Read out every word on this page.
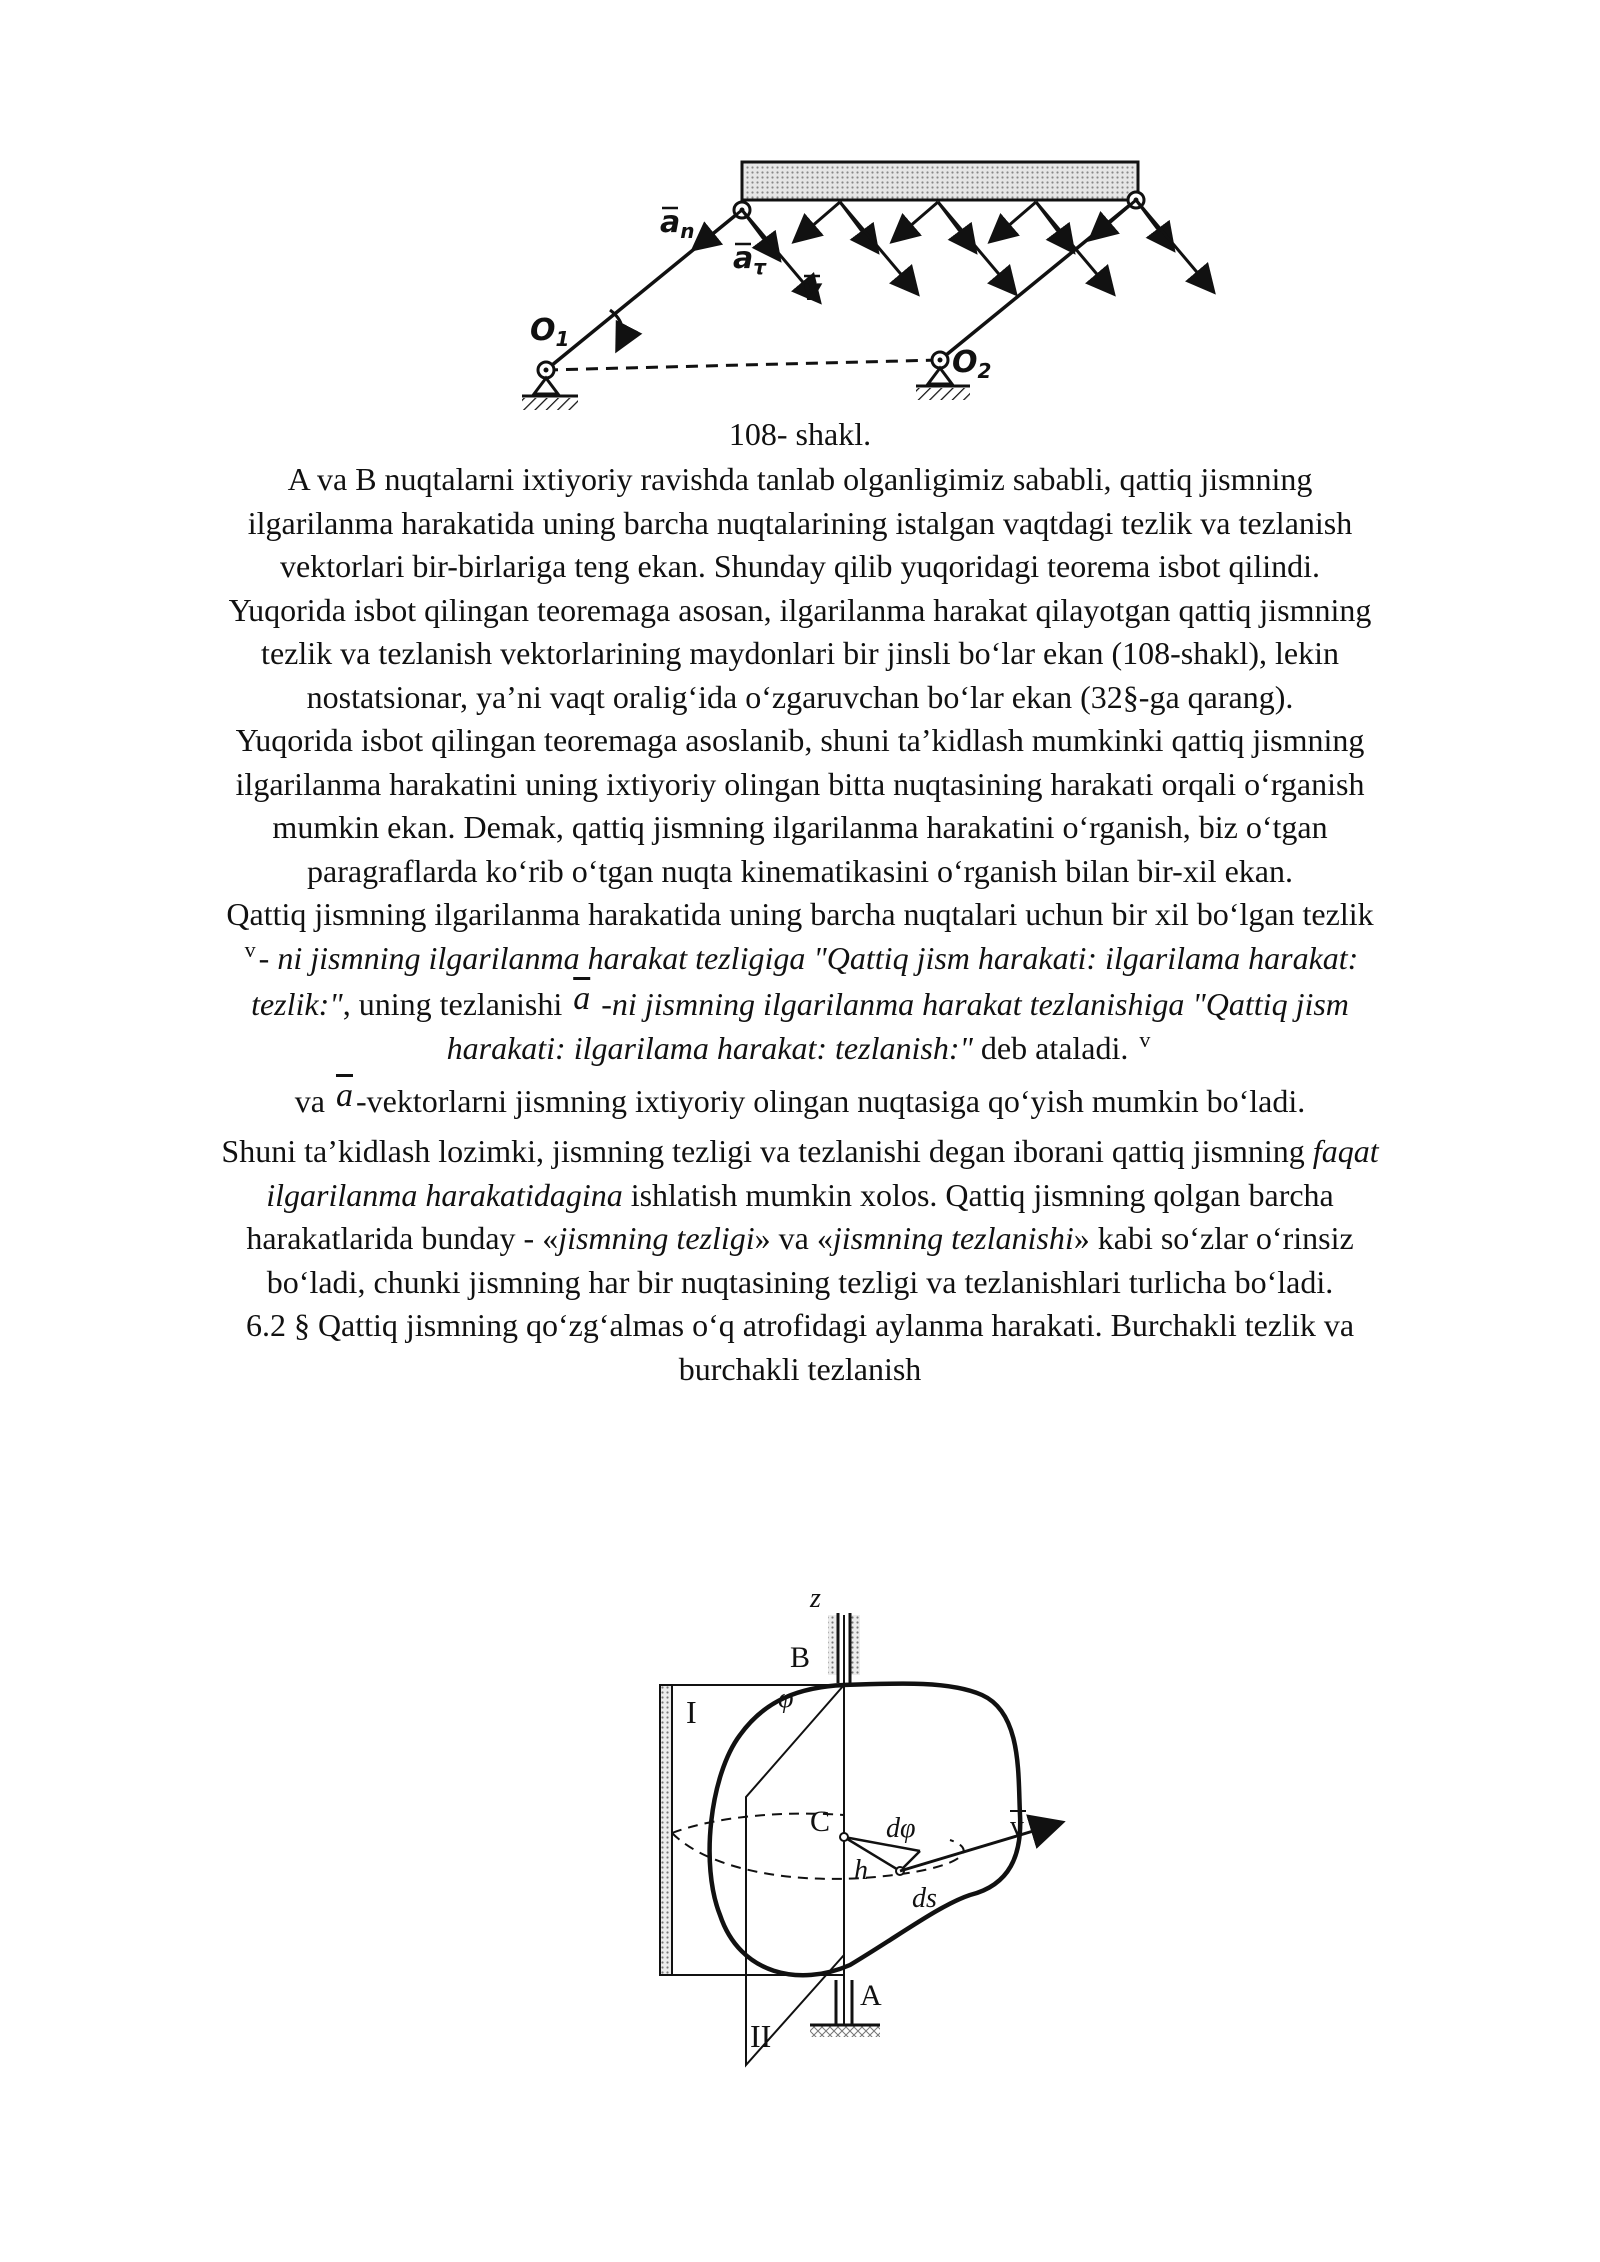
$a_n$
$a_\tau$
v
$O_1$
$O_2$
108- shakl.

A va B nuqtalarni ixtiyoriy ravishda tanlab olganligimiz sababli, qattiq jismning ilgarilanma harakatida uning barcha nuqtalarining istalgan vaqtdagi tezlik va tezlanish vektorlari bir-birlariga teng ekan. Shunday qilib yuqoridagi teorema isbot qilindi.

Yuqorida isbot qilingan teoremaga asosan, ilgarilanma harakat qilayotgan qattiq jismning tezlik va tezlanish vektorlarining maydonlari bir jinsli bo‘lar ekan (108-shakl), lekin nostatsionar, ya’ni vaqt oralig‘ida o‘zgaruvchan bo‘lar ekan (32§-ga qarang).

Yuqorida isbot qilingan teoremaga asoslanib, shuni ta’kidlash mumkinki qattiq jismning ilgarilanma harakatini uning ixtiyoriy olingan bitta nuqtasining harakati orqali o‘rganish mumkin ekan. Demak, qattiq jismning ilgarilanma harakatini o‘rganish, biz o‘tgan paragraflarda ko‘rib o‘tgan nuqta kinematikasini o‘rganish bilan bir-xil ekan.

Qattiq jismning ilgarilanma harakatida uning barcha nuqtalari uchun bir xil bo‘lgan tezlik $^v$- ni jismning ilgarilanma harakat tezligiga "Qattiq jism harakati: ilgarilama harakat: tezlik:", uning tezlanishi $\overline{a}$ -ni jismning ilgarilanma harakat tezlanishiga "Qattiq jism harakati: ilgarilama harakat: tezlanish:" deb ataladi. $^v$

va $\overline{a}$-vektorlarni jismning ixtiyoriy olingan nuqtasiga qo‘yish mumkin bo‘ladi.

Shuni ta’kidlash lozimki, jismning tezligi va tezlanishi degan iborani qattiq jismning faqat ilgarilanma harakatidagina ishlatish mumkin xolos. Qattiq jismning qolgan barcha harakatlarida bunday - «jismning tezligi» va «jismning tezlanishi» kabi so‘zlar o‘rinsiz bo‘ladi, chunki jismning har bir nuqtasining tezligi va tezlanishlari turlicha bo‘ladi.

6.2 § Qattiq jismning qo‘zg‘almas o‘q atrofidagi aylanma harakati. Burchakli tezlik va burchakli tezlanish

z
B
I	φ
C dφ	v
h
ds
A
II
